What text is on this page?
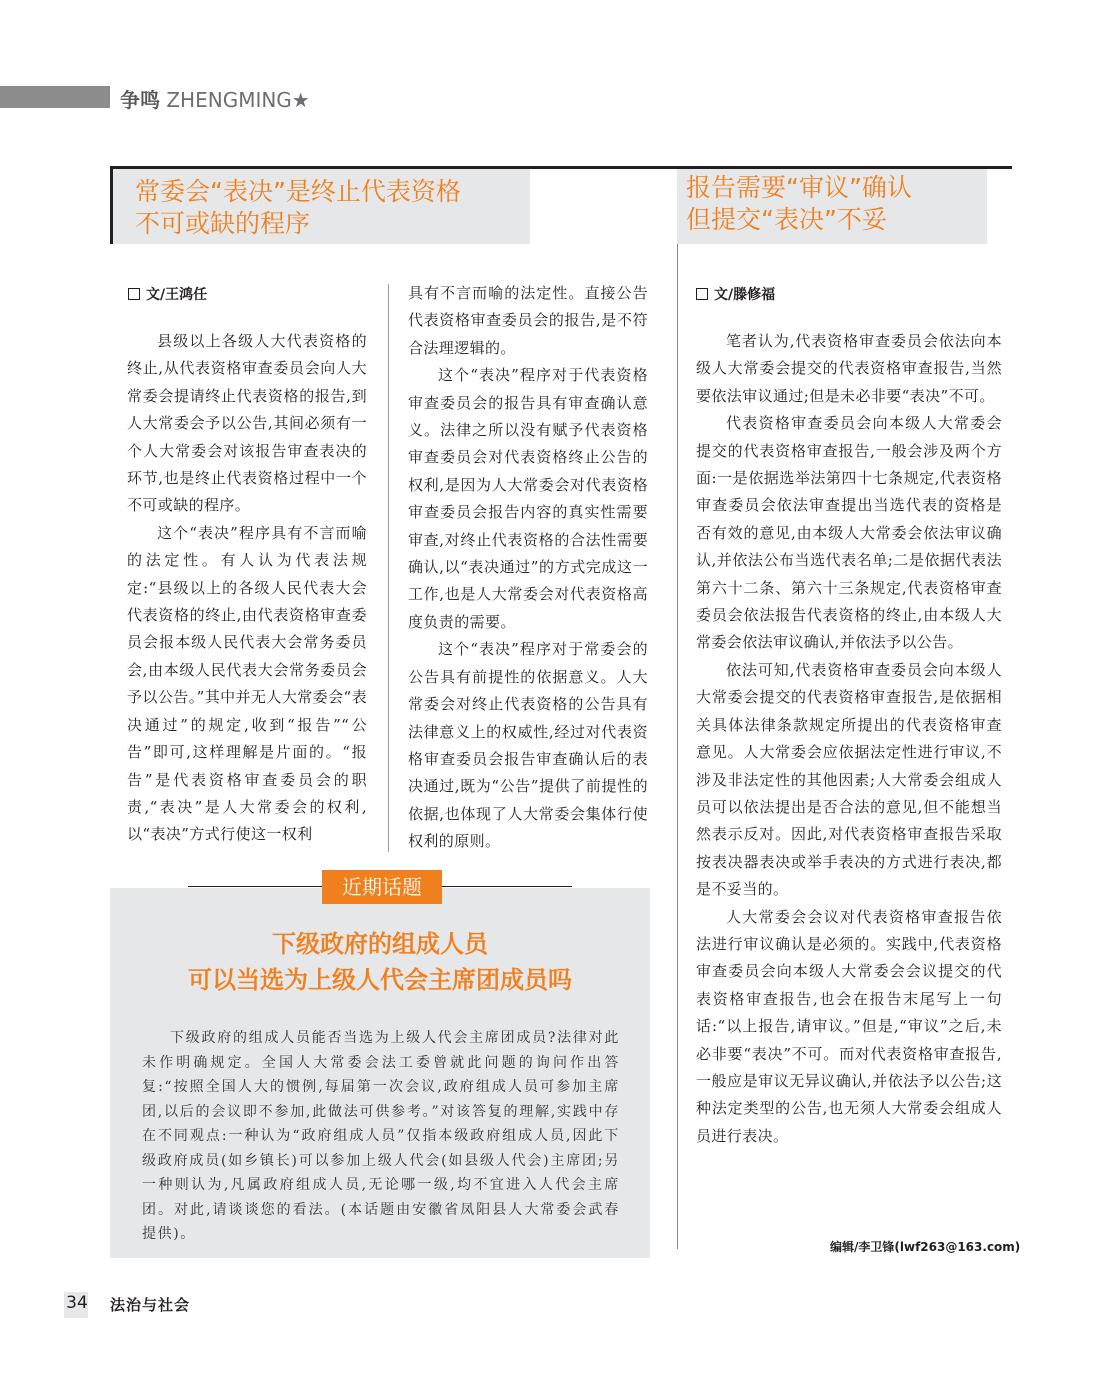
争鸣 ZHENGMING★
常委会“表决”是终止代表资格
不可或缺的程序
报告需要“审议”确认
但提交“表决”不妥
文/王鸿任	文/滕修福

县级以上各级人大代表资格的终止,从代表资格审查委员会向人大常委会提请终止代表资格的报告,到人大常委会予以公告,其间必须有一个人大常委会对该报告审查表决的环节,也是终止代表资格过程中一个不可或缺的程序。

这个“表决”程序具有不言而喻的法定性。有人认为代表法规定:“县级以上的各级人民代表大会代表资格的终止,由代表资格审查委员会报本级人民代表大会常务委员会,由本级人民代表大会常务委员会予以公告。”其中并无人大常委会“表决通过”的规定,收到“报告”“公告”即可,这样理解是片面的。“报告”是代表资格审查委员会的职责,“表决”是人大常委会的权利,以“表决”方式行使这一权利

具有不言而喻的法定性。直接公告代表资格审查委员会的报告,是不符合法理逻辑的。

这个“表决”程序对于代表资格审查委员会的报告具有审查确认意义。法律之所以没有赋予代表资格审查委员会对代表资格终止公告的权利,是因为人大常委会对代表资格审查委员会报告内容的真实性需要审查,对终止代表资格的合法性需要确认,以“表决通过”的方式完成这一工作,也是人大常委会对代表资格高度负责的需要。

这个“表决”程序对于常委会的公告具有前提性的依据意义。人大常委会对终止代表资格的公告具有法律意义上的权威性,经过对代表资格审查委员会报告审查确认后的表决通过,既为“公告”提供了前提性的依据,也体现了人大常委会集体行使权利的原则。

笔者认为,代表资格审查委员会依法向本级人大常委会提交的代表资格审查报告,当然要依法审议通过;但是未必非要“表决”不可。

代表资格审查委员会向本级人大常委会提交的代表资格审查报告,一般会涉及两个方面:一是依据选举法第四十七条规定,代表资格审查委员会依法审查提出当选代表的资格是否有效的意见,由本级人大常委会依法审议确认,并依法公布当选代表名单;二是依据代表法第六十二条、第六十三条规定,代表资格审查委员会依法报告代表资格的终止,由本级人大常委会依法审议确认,并依法予以公告。

依法可知,代表资格审查委员会向本级人大常委会提交的代表资格审查报告,是依据相关具体法律条款规定所提出的代表资格审查意见。人大常委会应依据法定性进行审议,不涉及非法定性的其他因素;人大常委会组成人员可以依法提出是否合法的意见,但不能想当然表示反对。因此,对代表资格审查报告采取按表决器表决或举手表决的方式进行表决,都是不妥当的。

人大常委会会议对代表资格审查报告依法进行审议确认是必须的。实践中,代表资格审查委员会向本级人大常委会会议提交的代表资格审查报告,也会在报告末尾写上一句话:“以上报告,请审议。”但是,“审议”之后,未必非要“表决”不可。而对代表资格审查报告,一般应是审议无异议确认,并依法予以公告;这种法定类型的公告,也无须人大常委会组成人员进行表决。

编辑/李卫锋(lwf263@163.com)
近期话题
下级政府的组成人员
可以当选为上级人代会主席团成员吗

下级政府的组成人员能否当选为上级人代会主席团成员?法律对此未作明确规定。全国人大常委会法工委曾就此问题的询问作出答复:“按照全国人大的惯例,每届第一次会议,政府组成人员可参加主席团,以后的会议即不参加,此做法可供参考。”对该答复的理解,实践中存在不同观点:一种认为“政府组成人员”仅指本级政府组成人员,因此下级政府成员(如乡镇长)可以参加上级人代会(如县级人代会)主席团;另一种则认为,凡属政府组成人员,无论哪一级,均不宜进入人代会主席团。对此,请谈谈您的看法。(本话题由安徽省凤阳县人大常委会武春提供)。

34 法治与社会
